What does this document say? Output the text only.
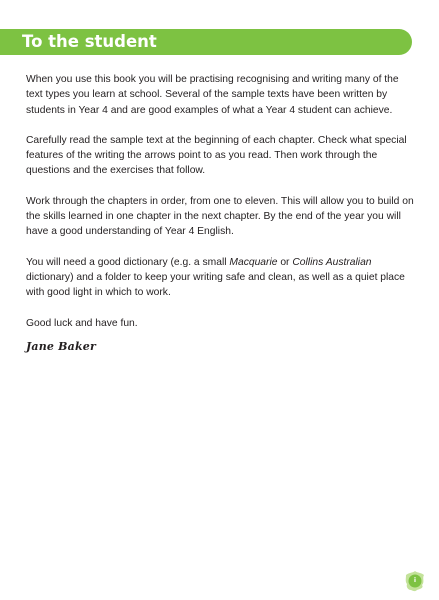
To the student

When you use this book you will be practising recognising and writing many of the text types you learn at school. Several of the sample texts have been written by students in Year 4 and are good examples of what a Year 4 student can achieve.

Carefully read the sample text at the beginning of each chapter. Check what special features of the writing the arrows point to as you read. Then work through the questions and the exercises that follow.

Work through the chapters in order, from one to eleven. This will allow you to build on the skills learned in one chapter in the next chapter. By the end of the year you will have a good understanding of Year 4 English.

You will need a good dictionary (e.g. a small Macquarie or Collins Australian dictionary) and a folder to keep your writing safe and clean, as well as a quiet place with good light in which to work.

Good luck and have fun.

Jane Baker
i
